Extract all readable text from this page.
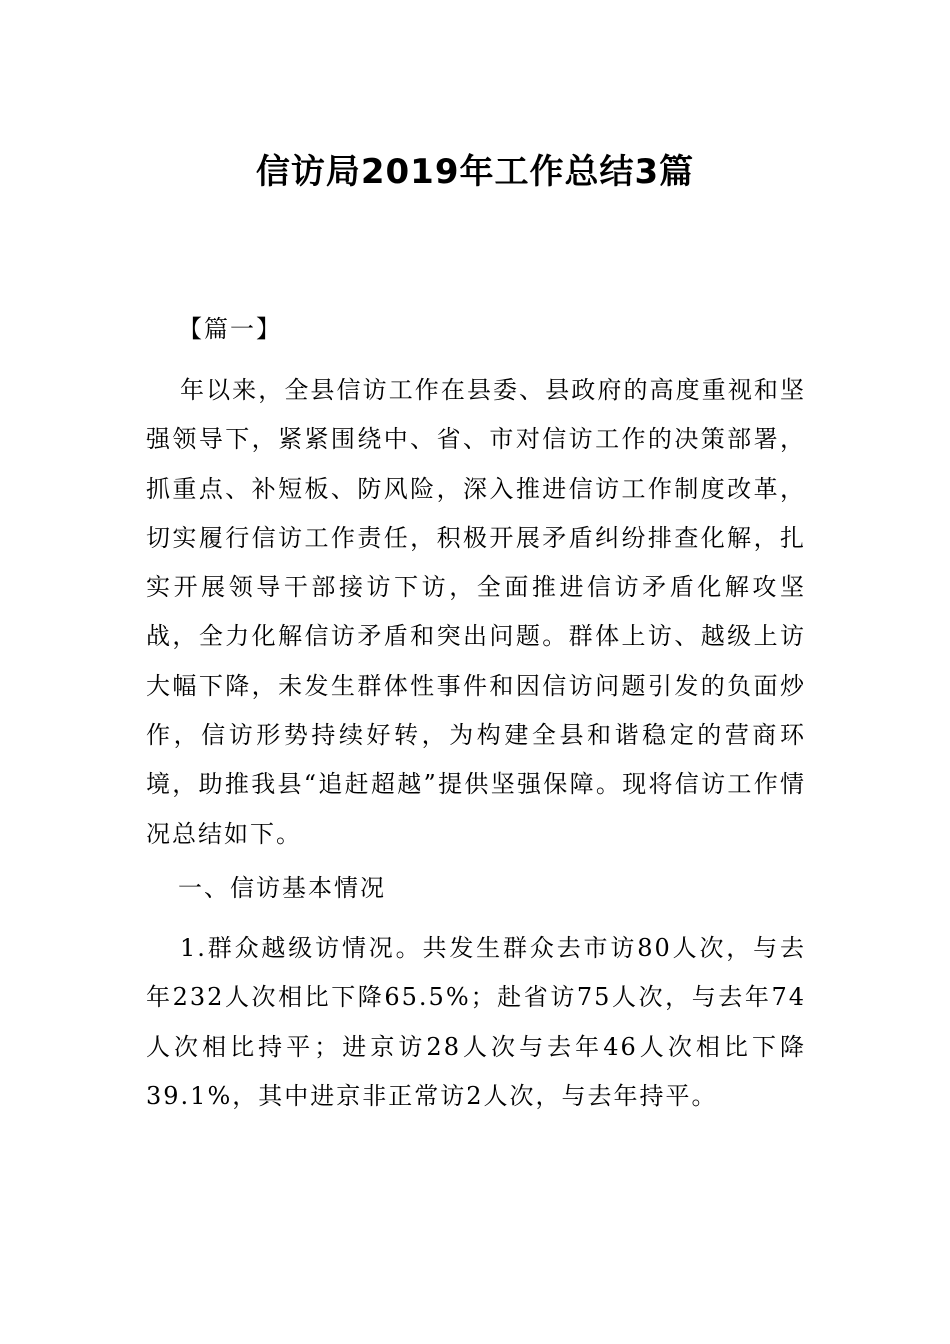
信访局2019年工作总结3篇

【篇一】

年以来，全县信访工作在县委、县政府的高度重视和坚强领导下，紧紧围绕中、省、市对信访工作的决策部署，抓重点、补短板、防风险，深入推进信访工作制度改革，切实履行信访工作责任，积极开展矛盾纠纷排查化解，扎实开展领导干部接访下访，全面推进信访矛盾化解攻坚战，全力化解信访矛盾和突出问题。群体上访、越级上访大幅下降，未发生群体性事件和因信访问题引发的负面炒作，信访形势持续好转，为构建全县和谐稳定的营商环境，助推我县“追赶超越”提供坚强保障。现将信访工作情况总结如下。

一、信访基本情况

1.群众越级访情况。共发生群众去市访80人次，与去年232人次相比下降65.5%；赴省访75人次，与去年74人次相比持平；进京访28人次与去年46人次相比下降39.1%，其中进京非正常访2人次，与去年持平。
